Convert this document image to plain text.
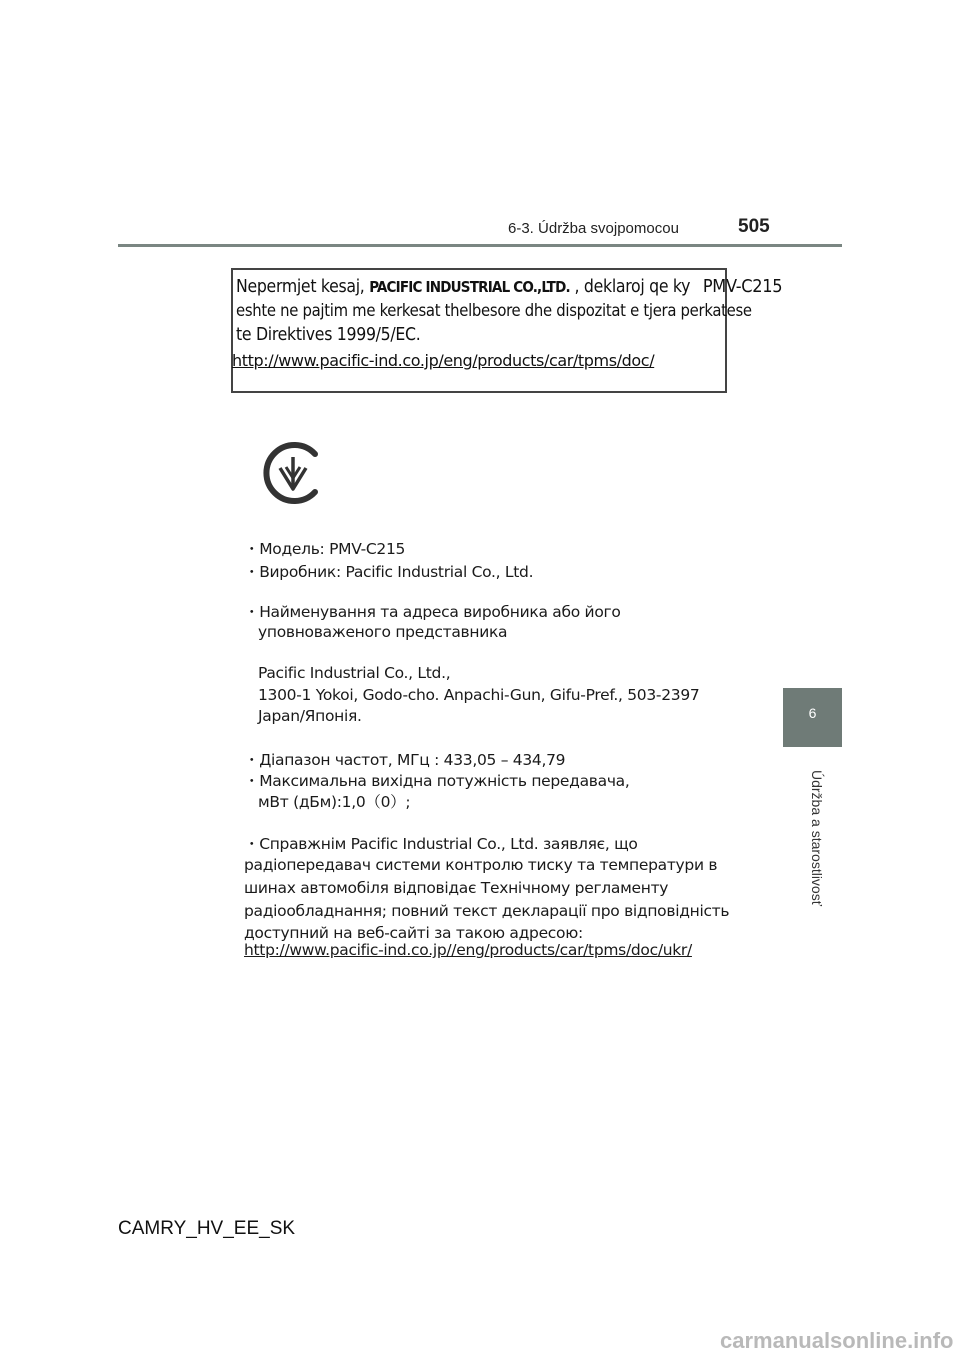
6-3. Údržba svojpomocou	505
6
Údržba a starostlivosť
Nepermjet kesaj, PACIFIC INDUSTRIAL CO.,LTD. , deklaroj qe ky PMV-C215
eshte ne pajtim me kerkesat thelbesore dhe dispozitat e tjera perkatese
te Direktives 1999/5/EC.
http://www.pacific-ind.co.jp/eng/products/car/tpms/doc/
・Модель: PMV-C215
・Виробник: Pacific Industrial Co., Ltd.
・Найменування та адреса виробника або його
уповноваженого представника
Pacific Industrial Co., Ltd.,
1300-1 Yokoi, Godo-cho. Anpachi-Gun, Gifu-Pref., 503-2397
Japan/Японія.
・Діапазон частот, МГц : 433,05 – 434,79
・Максимальна вихідна потужність передавача,
мВт (дБм):1,0（0）;
・Справжнім Pacific Industrial Co., Ltd. заявляє, що
радіопередавач системи контролю тиску та температури в
шинах автомобіля відповідає Технічному регламенту
радіообладнання; повний текст декларації про відповідність
доступний на веб-сайті за такою адресою:
http://www.pacific-ind.co.jp//eng/products/car/tpms/doc/ukr/
CAMRY_HV_EE_SK
carmanualsonline.info
